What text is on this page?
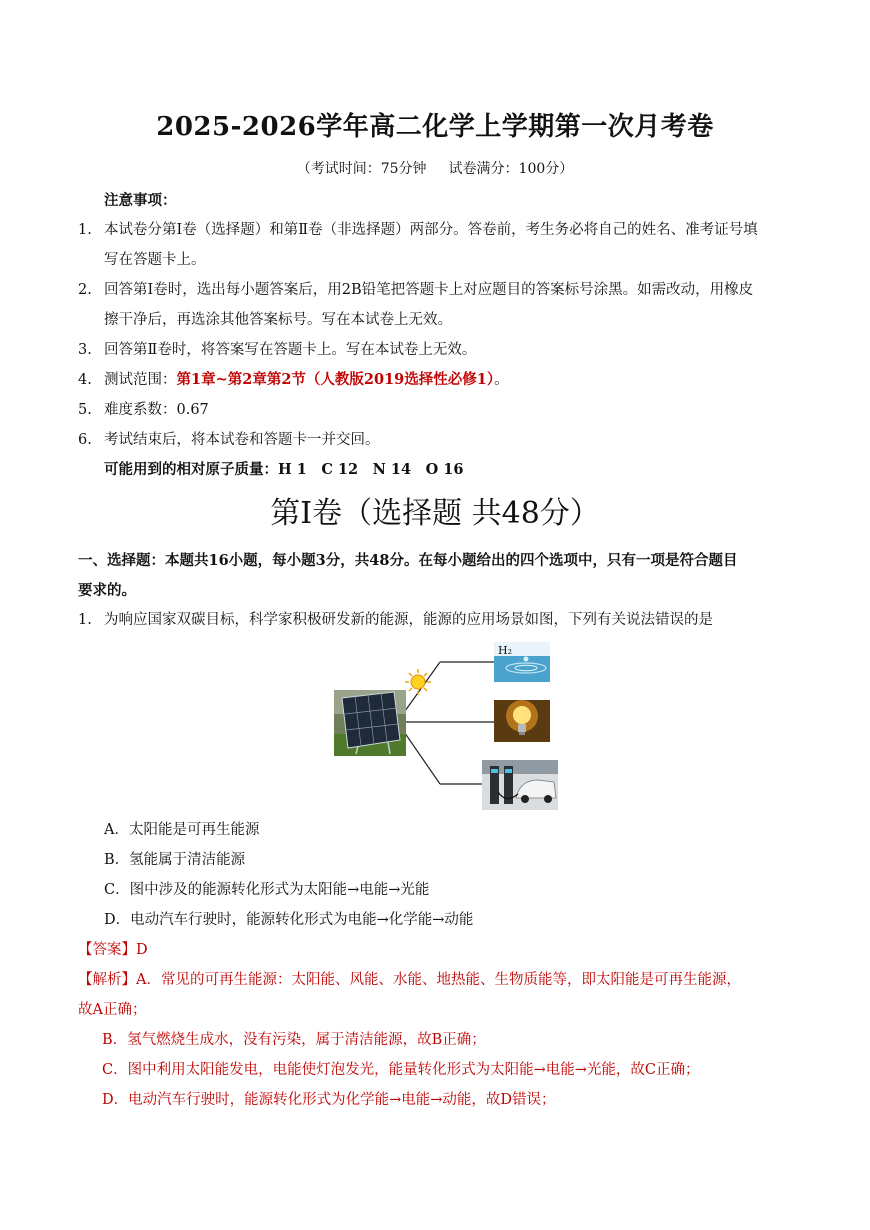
2025-2026学年高二化学上学期第一次月考卷
（考试时间：75分钟 试卷满分：100分）
注意事项：
1. 本试卷分第Ⅰ卷（选择题）和第Ⅱ卷（非选择题）两部分。答卷前，考生务必将自己的姓名、准考证号填
写在答题卡上。
2. 回答第Ⅰ卷时，选出每小题答案后，用2B铅笔把答题卡上对应题目的答案标号涂黑。如需改动，用橡皮
擦干净后，再选涂其他答案标号。写在本试卷上无效。
3. 回答第Ⅱ卷时，将答案写在答题卡上。写在本试卷上无效。
4. 测试范围：第1章~第2章第2节（人教版2019选择性必修1）。
5. 难度系数：0.67
6. 考试结束后，将本试卷和答题卡一并交回。
可能用到的相对原子质量：H 1　C 12　N 14　O 16
第Ⅰ卷（选择题 共48分）
一、选择题：本题共16小题，每小题3分，共48分。在每小题给出的四个选项中，只有一项是符合题目
要求的。
1. 为响应国家双碳目标，科学家积极研发新的能源，能源的应用场景如图，下列有关说法错误的是
H₂
A．太阳能是可再生能源
B．氢能属于清洁能源
C．图中涉及的能源转化形式为太阳能→电能→光能
D．电动汽车行驶时，能源转化形式为电能→化学能→动能
【答案】D
【解析】A．常见的可再生能源：太阳能、风能、水能、地热能、生物质能等，即太阳能是可再生能源，
故A正确；
B．氢气燃烧生成水，没有污染，属于清洁能源，故B正确；
C．图中利用太阳能发电，电能使灯泡发光，能量转化形式为太阳能→电能→光能，故C正确；
D．电动汽车行驶时，能源转化形式为化学能→电能→动能，故D错误；
